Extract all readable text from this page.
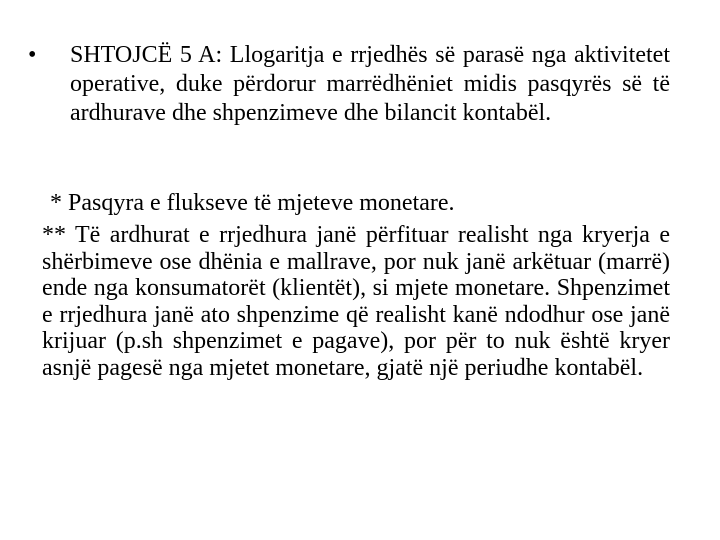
• SHTOJCË 5 A: Llogaritja e rrjedhës së parasë nga aktivitetet operative, duke përdorur marrëdhëniet midis pasqyrës së të ardhurave dhe shpenzimeve dhe bilancit kontabël.
* Pasqyra e flukseve të mjeteve monetare.
** Të ardhurat e rrjedhura janë përfituar realisht nga kryerja e shërbimeve ose dhënia e mallrave, por nuk janë arkëtuar (marrë) ende nga konsumatorët (klientët), si mjete monetare. Shpenzimet e rrjedhura janë ato shpenzime që realisht kanë ndodhur ose janë krijuar (p.sh shpenzimet e pagave), por për to nuk është kryer asnjë pagesë nga mjetet monetare, gjatë një periudhe kontabël.
